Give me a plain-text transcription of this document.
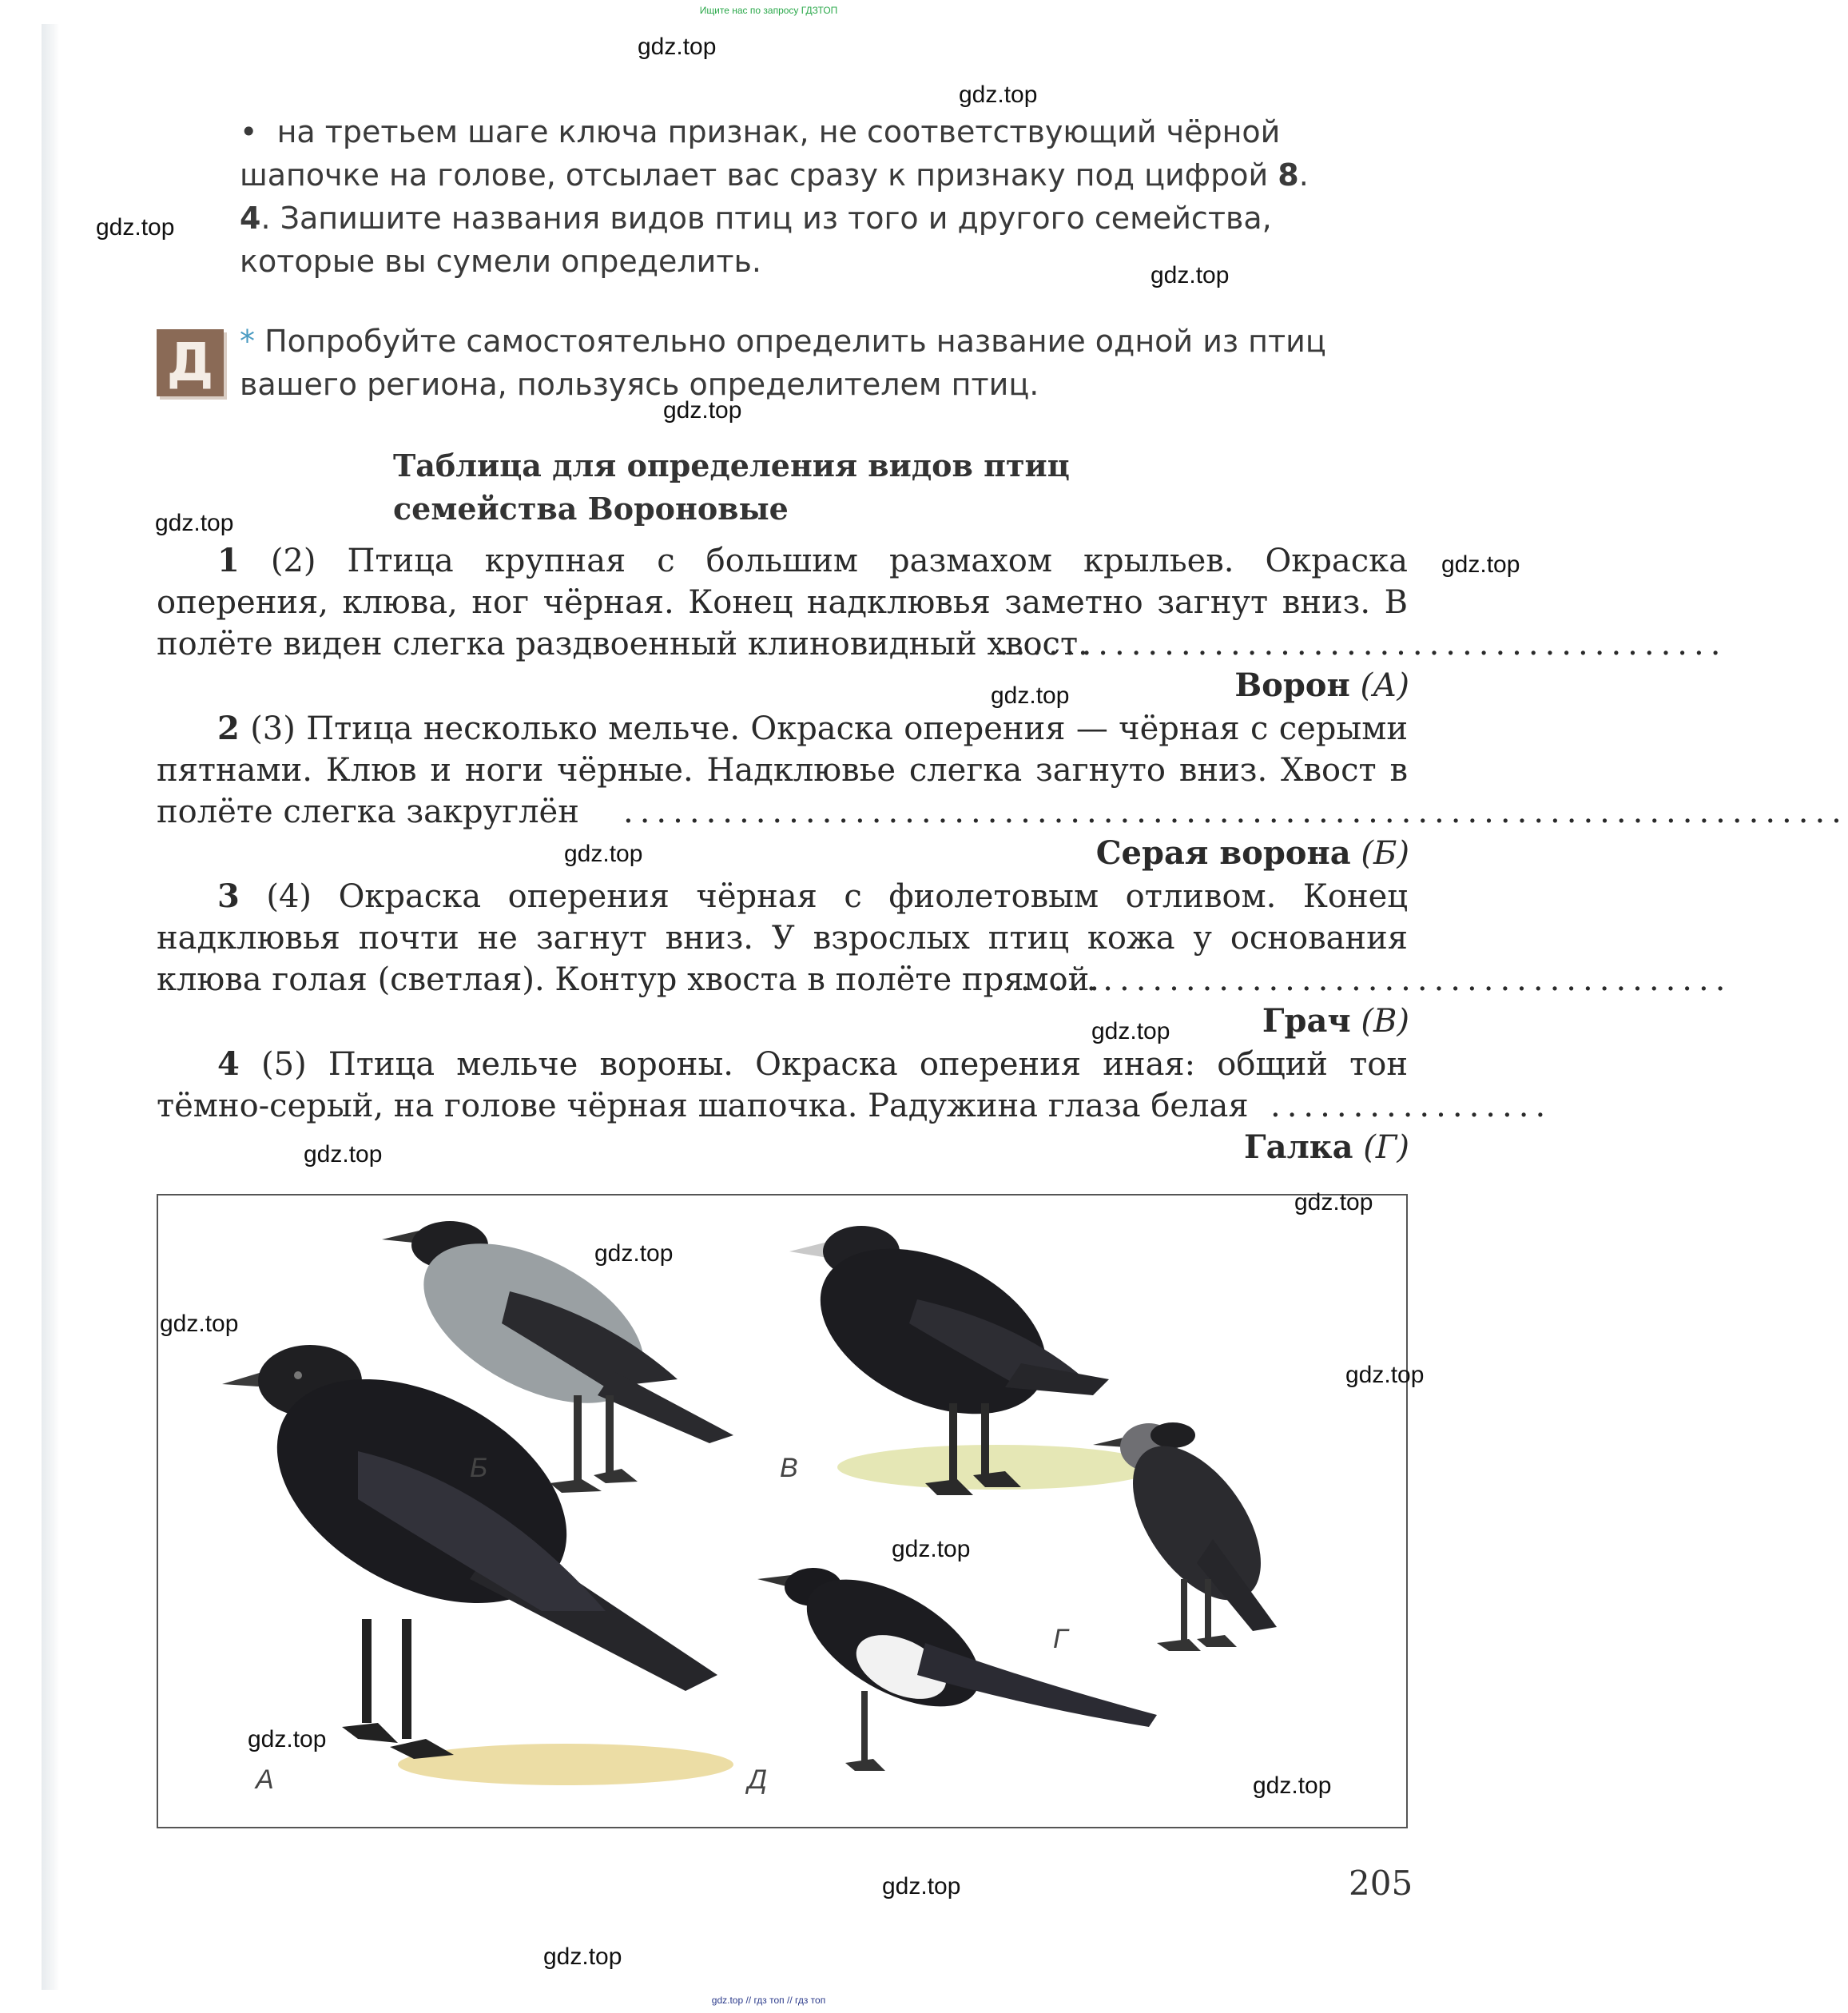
Ищите нас по запросу ГДЗТОП
•  на третьем шаге ключа признак, не соответствующий чёрной шапочке на голове, отсылает вас сразу к признаку под цифрой 8.
4. Запишите названия видов птиц из того и другого семейства, которые вы сумели определить.
Д * Попробуйте самостоятельно определить название одной из птиц вашего региона, пользуясь определителем птиц.
Таблица для определения видов птиц
семейства Вороновые
1 (2) Птица крупная с большим размахом крыльев. Окраска оперения, клюва, ног чёрная. Конец надклювья заметно загнут вниз. В полёте виден слегка раздвоенный клиновидный хвост.
............................................
Ворон (А)
2 (3) Птица несколько мельче. Окраска оперения — чёрная с серыми пятнами. Клюв и ноги чёрные. Надклювье слегка загнуто вниз. Хвост в полёте слегка закруглён	..........................................................................
Серая ворона (Б)
3 (4) Окраска оперения чёрная с фиолетовым отливом. Конец надклювья почти не загнут вниз. У взрослых птиц кожа у основания клюва голая (светлая). Контур хвоста в полёте прямой.
............................................
Грач (В)
4 (5) Птица мельче вороны. Окраска оперения иная: общий тон тёмно-серый, на голове чёрная шапочка. Радужина глаза белая .................
Галка (Г)
Б	В
А	Д
Г
205
gdz.top
gdz.top
gdz.top
gdz.top
gdz.top
gdz.top
gdz.top
gdz.top
gdz.top
gdz.top
gdz.top
gdz.top
gdz.top
gdz.top
gdz.top
gdz.top
gdz.top
gdz.top
gdz.top
gdz.top
gdz.top // гдз топ // гдз топ
